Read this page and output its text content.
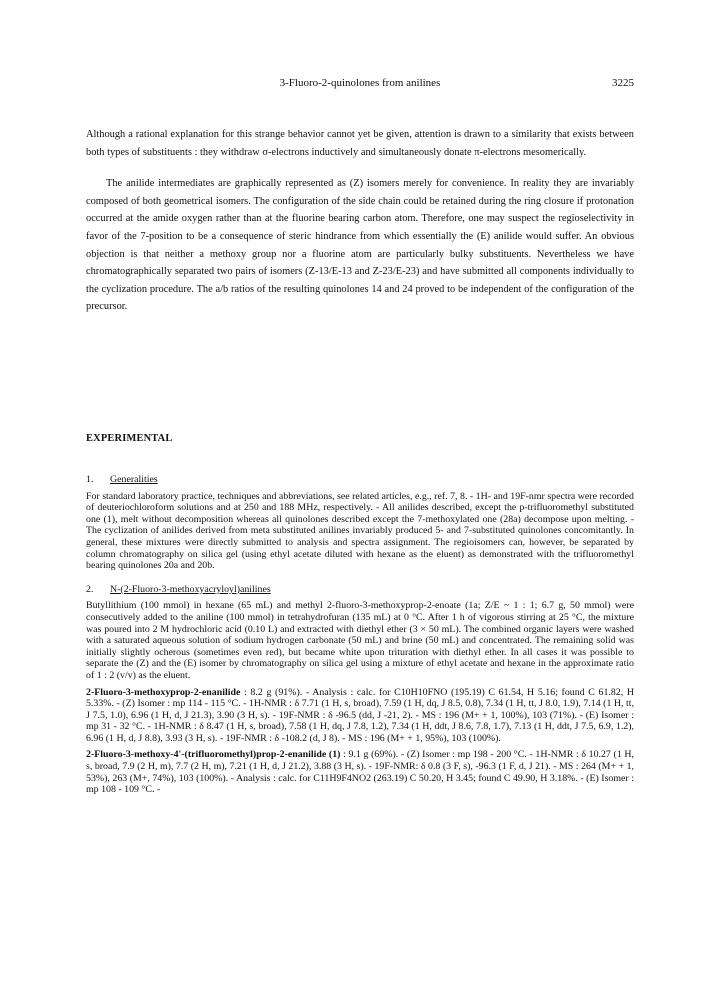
3-Fluoro-2-quinolones from anilines	3225

Although a rational explanation for this strange behavior cannot yet be given, attention is drawn to a similarity that exists between both types of substituents : they withdraw σ-electrons inductively and simultaneously donate π-electrons mesomerically.

The anilide intermediates are graphically represented as (Z) isomers merely for convenience. In reality they are invariably composed of both geometrical isomers. The configuration of the side chain could be retained during the ring closure if protonation occurred at the amide oxygen rather than at the fluorine bearing carbon atom. Therefore, one may suspect the regioselectivity in favor of the 7-position to be a consequence of steric hindrance from which essentially the (E) anilide would suffer. An obvious objection is that neither a methoxy group nor a fluorine atom are particularly bulky substituents. Nevertheless we have chromatographically separated two pairs of isomers (Z-13/E-13 and Z-23/E-23) and have submitted all components individually to the cyclization procedure. The a/b ratios of the resulting quinolones 14 and 24 proved to be independent of the configuration of the precursor.

EXPERIMENTAL
1. Generalities

For standard laboratory practice, techniques and abbreviations, see related articles, e.g., ref. 7, 8. - 1H- and 19F-nmr spectra were recorded of deuteriochloroform solutions and at 250 and 188 MHz, respectively. - All anilides described, except the p-trifluoromethyl substituted one (1), melt without decomposition whereas all quinolones described except the 7-methoxylated one (28a) decompose upon melting. - The cyclization of anilides derived from meta substituted anilines invariably produced 5- and 7-substituted quinolones concomitantly. In general, these mixtures were directly submitted to analysis and spectra assignment. The regioisomers can, however, be separated by column chromatography on silica gel (using ethyl acetate diluted with hexane as the eluent) as demonstrated with the trifluoromethyl bearing quinolones 20a and 20b.

2. N-(2-Fluoro-3-methoxyacryloyl)anilines

Butyllithium (100 mmol) in hexane (65 mL) and methyl 2-fluoro-3-methoxyprop-2-enoate (1a; Z/E ~ 1 : 1; 6.7 g, 50 mmol) were consecutively added to the aniline (100 mmol) in tetrahydrofuran (135 mL) at 0 °C. After 1 h of vigorous stirring at 25 °C, the mixture was poured into 2 M hydrochloric acid (0.10 L) and extracted with diethyl ether (3 × 50 mL). The combined organic layers were washed with a saturated aqueous solution of sodium hydrogen carbonate (50 mL) and brine (50 mL) and concentrated. The remaining solid was initially slightly ocherous (sometimes even red), but became white upon trituration with diethyl ether. In all cases it was possible to separate the (Z) and the (E) isomer by chromatography on silica gel using a mixture of ethyl acetate and hexane in the approximate ratio of 1 : 2 (v/v) as the eluent.

2-Fluoro-3-methoxyprop-2-enanilide : 8.2 g (91%). - Analysis : calc. for C10H10FNO (195.19) C 61.54, H 5.16; found C 61.82, H 5.33%. - (Z) Isomer : mp 114 - 115 °C. - 1H-NMR : δ 7.71 (1 H, s, broad), 7.59 (1 H, dq, J 8.5, 0.8), 7.34 (1 H, tt, J 8.0, 1.9), 7.14 (1 H, tt, J 7.5, 1.0), 6.96 (1 H, d, J 21.3), 3.90 (3 H, s). - 19F-NMR : δ -96.5 (dd, J -21, 2). - MS : 196 (M+ + 1, 100%), 103 (71%). - (E) Isomer : mp 31 - 32 °C. - 1H-NMR : δ 8.47 (1 H, s, broad), 7.58 (1 H, dq, J 7.8, 1.2), 7.34 (1 H, ddt, J 8.6, 7.8, 1.7), 7.13 (1 H, ddt, J 7.5, 6.9, 1.2), 6.96 (1 H, d, J 8.8), 3.93 (3 H, s). - 19F-NMR : δ -108.2 (d, J 8). - MS : 196 (M+ + 1, 95%), 103 (100%).

2-Fluoro-3-methoxy-4'-(trifluoromethyl)prop-2-enanilide (1) : 9.1 g (69%). - (Z) Isomer : mp 198 - 200 °C. - 1H-NMR : δ 10.27 (1 H, s, broad, 7.9 (2 H, m), 7.7 (2 H, m), 7.21 (1 H, d, J 21.2), 3.88 (3 H, s). - 19F-NMR: δ 0.8 (3 F, s), -96.3 (1 F, d, J 21). - MS : 264 (M+ + 1, 53%), 263 (M+, 74%), 103 (100%). - Analysis : calc. for C11H9F4NO2 (263.19) C 50.20, H 3.45; found C 49.90, H 3.18%. - (E) Isomer : mp 108 - 109 °C. -
